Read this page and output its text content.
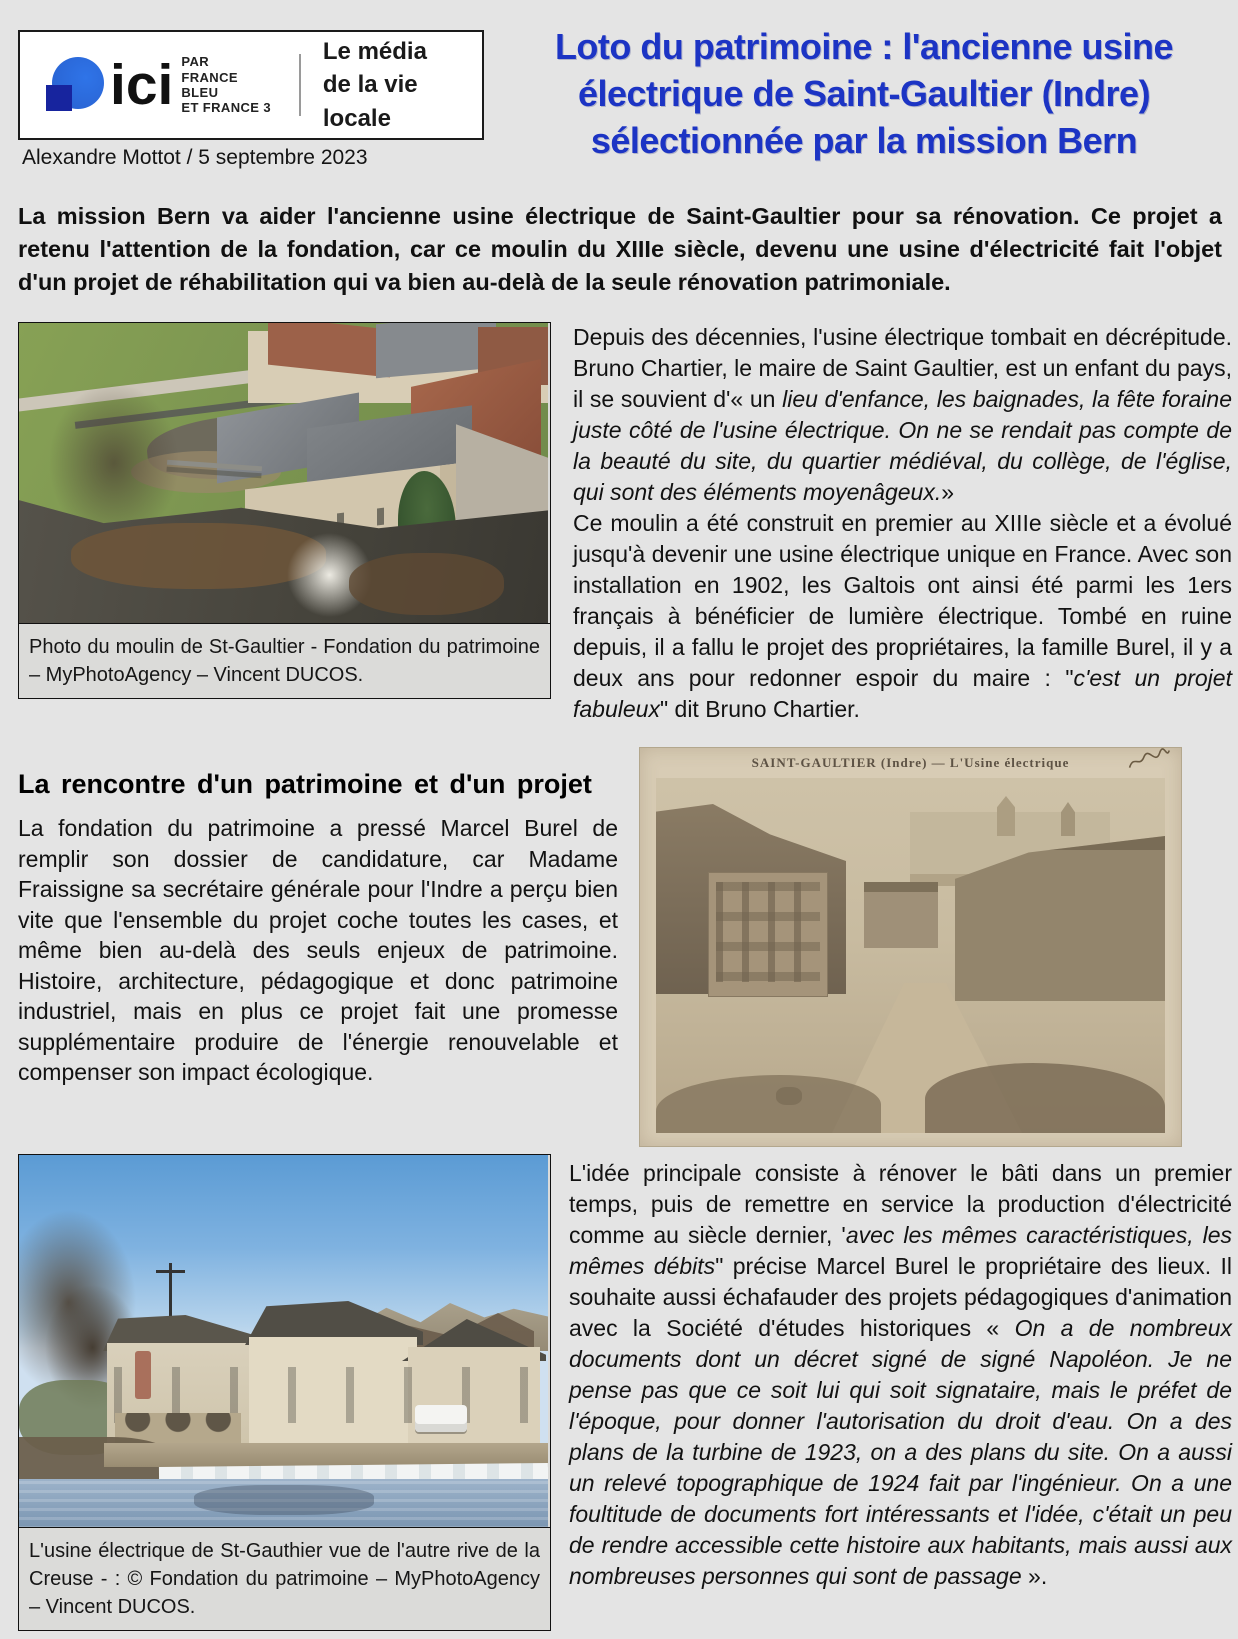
ici PAR
FRANCE BLEU
ET FRANCE 3
Le média
de la vie locale
Loto du patrimoine : l'ancienne usine
électrique de Saint-Gaultier (Indre)
sélectionnée par la mission Bern
Alexandre Mottot / 5 septembre 2023
La mission Bern va aider l'ancienne usine électrique de Saint-Gaultier pour sa rénovation. Ce projet a retenu l'attention de la fondation, car ce moulin du XIIIe siècle, devenu une usine d'électricité fait l'objet d'un projet de réhabilitation qui va bien au-delà de la seule rénovation patrimoniale.
Photo du moulin de St-Gaultier - Fondation du patrimoine – MyPhotoAgency – Vincent DUCOS.

Depuis des décennies, l'usine électrique tombait en décrépitude. Bruno Chartier, le maire de Saint Gaultier, est un enfant du pays, il se souvient d'« un lieu d'enfance, les baignades, la fête foraine juste côté de l'usine électrique. On ne se rendait pas compte de la beauté du site, du quartier médiéval, du collège, de l'église, qui sont des éléments moyenâgeux.»

Ce moulin a été construit en premier au XIIIe siècle et a évolué jusqu'à devenir une usine électrique unique en France. Avec son installation en 1902, les Galtois ont ainsi été parmi les 1ers français à bénéficier de lumière électrique. Tombé en ruine depuis, il a fallu le projet des propriétaires, la famille Burel, il y a deux ans pour redonner espoir du maire : "c'est un projet fabuleux" dit Bruno Chartier.

La rencontre d'un patrimoine et d'un projet

La fondation du patrimoine a pressé Marcel Burel de remplir son dossier de candidature, car Madame Fraissigne sa secrétaire générale pour l'Indre a perçu bien vite que l'ensemble du projet coche toutes les cases, et même bien au-delà des seuls enjeux de patrimoine. Histoire, architecture, pédagogique et donc patrimoine industriel, mais en plus ce projet fait une promesse supplémentaire produire de l'énergie renouvelable et compenser son impact écologique.

SAINT-GAULTIER (Indre) — L'Usine électrique
L'usine électrique de St-Gauthier vue de l'autre rive de la Creuse - : © Fondation du patrimoine – MyPhotoAgency – Vincent DUCOS.

L'idée principale consiste à rénover le bâti dans un premier temps, puis de remettre en service la production d'électricité comme au siècle dernier, 'avec les mêmes caractéristiques, les mêmes débits" précise Marcel Burel le propriétaire des lieux. Il souhaite aussi échafauder des projets pédagogiques d'animation avec la Société d'études historiques « On a de nombreux documents dont un décret signé de signé Napoléon. Je ne pense pas que ce soit lui qui soit signataire, mais le préfet de l'époque, pour donner l'autorisation du droit d'eau. On a des plans de la turbine de 1923, on a des plans du site. On a aussi un relevé topographique de 1924 fait par l'ingénieur. On a une foultitude de documents fort intéressants et l'idée, c'était un peu de rendre accessible cette histoire aux habitants, mais aussi aux nombreuses personnes qui sont de passage ».
